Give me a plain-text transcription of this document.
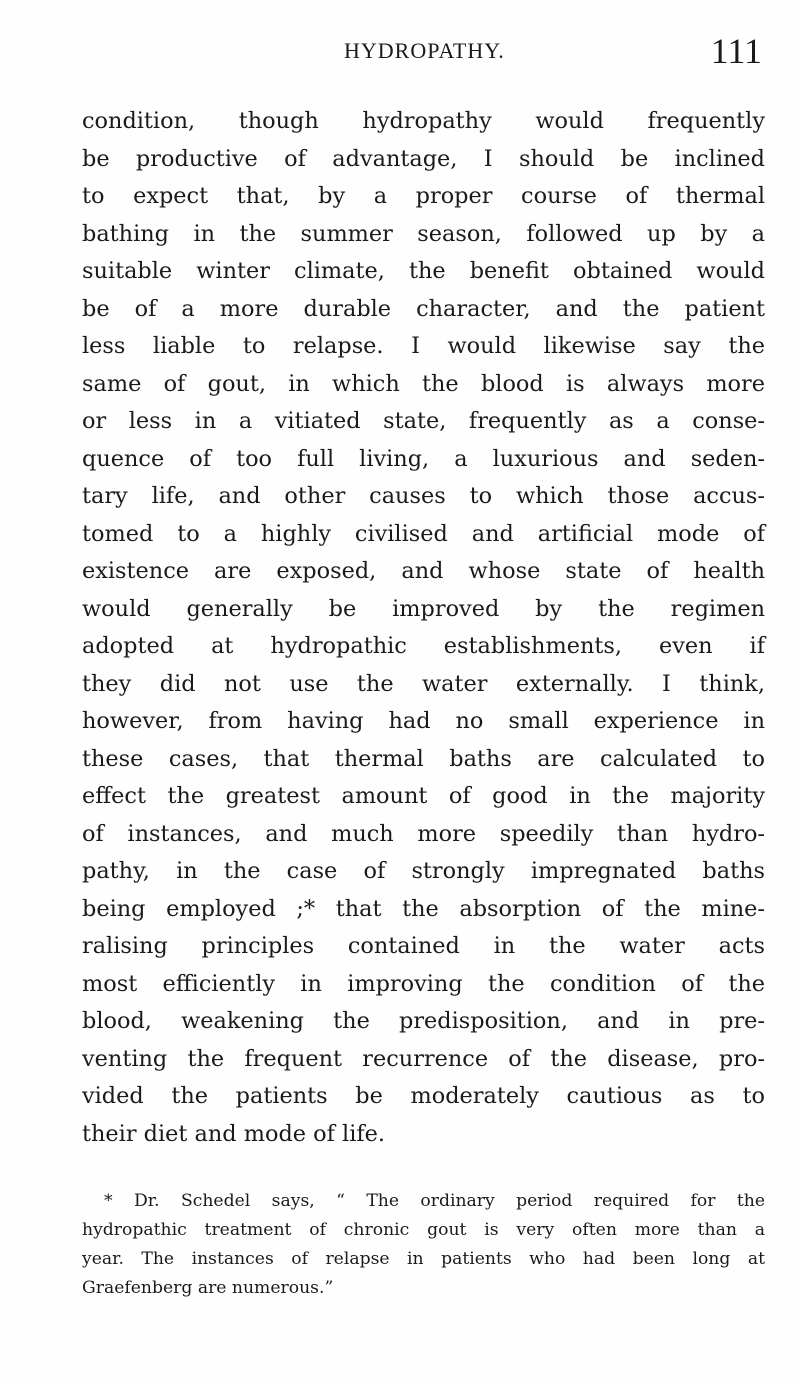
HYDROPATHY.	111
condition, though hydropathy would frequently
be productive of advantage, I should be inclined
to expect that, by a proper course of thermal
bathing in the summer season, followed up by a
suitable winter climate, the benefit obtained would
be of a more durable character, and the patient
less liable to relapse. I would likewise say the
same of gout, in which the blood is always more
or less in a vitiated state, frequently as a conse-
quence of too full living, a luxurious and seden-
tary life, and other causes to which those accus-
tomed to a highly civilised and artificial mode of
existence are exposed, and whose state of health
would generally be improved by the regimen
adopted at hydropathic establishments, even if
they did not use the water externally. I think,
however, from having had no small experience in
these cases, that thermal baths are calculated to
effect the greatest amount of good in the majority
of instances, and much more speedily than hydro-
pathy, in the case of strongly impregnated baths
being employed ;* that the absorption of the mine-
ralising principles contained in the water acts
most efficiently in improving the condition of the
blood, weakening the predisposition, and in pre-
venting the frequent recurrence of the disease, pro-
vided the patients be moderately cautious as to
their diet and mode of life.
* Dr. Schedel says, “ The ordinary period required for the
hydropathic treatment of chronic gout is very often more than a
year. The instances of relapse in patients who had been long at
Graefenberg are numerous.”
